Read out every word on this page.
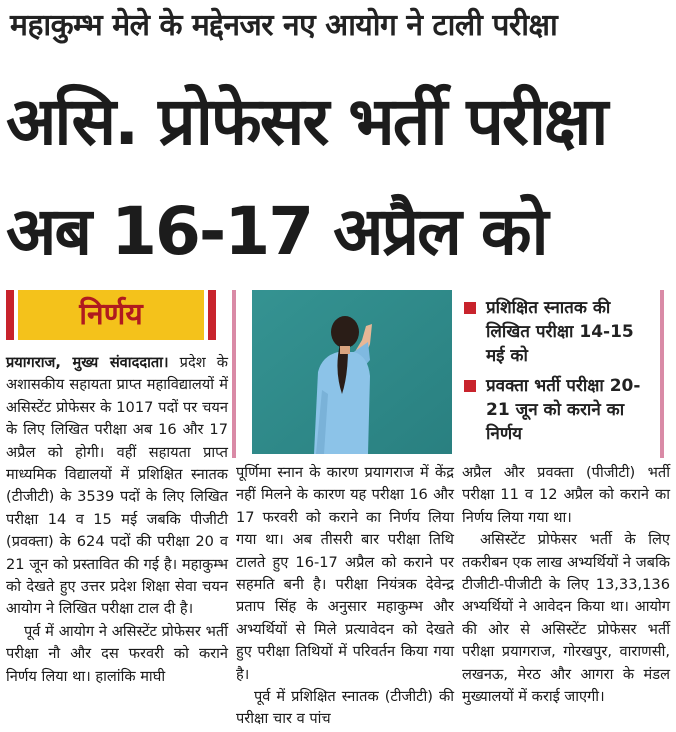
महाकुम्भ मेले के मद्देनजर नए आयोग ने टाली परीक्षा
असि. प्रोफेसर भर्ती परीक्षा
अब 16-17 अप्रैल को
निर्णय	प्रशिक्षित स्नातक की लिखित परीक्षा 14-15 मई को
प्रवक्ता भर्ती परीक्षा 20-21 जून को कराने का निर्णय

प्रयागराज, मुख्य संवाददाता। प्रदेश के अशासकीय सहायता प्राप्त महाविद्यालयों में असिस्टेंट प्रोफेसर के 1017 पदों पर चयन के लिए लिखित परीक्षा अब 16 और 17 अप्रैल को होगी। वहीं सहायता प्राप्त माध्यमिक विद्यालयों में प्रशिक्षित स्नातक (टीजीटी) के 3539 पदों के लिए लिखित परीक्षा 14 व 15 मई जबकि पीजीटी (प्रवक्ता) के 624 पदों की परीक्षा 20 व 21 जून को प्रस्तावित की गई है। महाकुम्भ को देखते हुए उत्तर प्रदेश शिक्षा सेवा चयन आयोग ने लिखित परीक्षा टाल दी है।

पूर्व में आयोग ने असिस्टेंट प्रोफेसर भर्ती परीक्षा नौ और दस फरवरी को कराने निर्णय लिया था। हालांकि माघी

पूर्णिमा स्नान के कारण प्रयागराज में केंद्र नहीं मिलने के कारण यह परीक्षा 16 और 17 फरवरी को कराने का निर्णय लिया गया था। अब तीसरी बार परीक्षा तिथि टालते हुए 16-17 अप्रैल को कराने पर सहमति बनी है। परीक्षा नियंत्रक देवेन्द्र प्रताप सिंह के अनुसार महाकुम्भ और अभ्यर्थियों से मिले प्रत्यावेदन को देखते हुए परीक्षा तिथियों में परिवर्तन किया गया है।

पूर्व में प्रशिक्षित स्नातक (टीजीटी) की परीक्षा चार व पांच

अप्रैल और प्रवक्ता (पीजीटी) भर्ती परीक्षा 11 व 12 अप्रैल को कराने का निर्णय लिया गया था।

असिस्टेंट प्रोफेसर भर्ती के लिए तकरीबन एक लाख अभ्यर्थियों ने जबकि टीजीटी-पीजीटी के लिए 13,33,136 अभ्यर्थियों ने आवेदन किया था। आयोग की ओर से असिस्टेंट प्रोफेसर भर्ती परीक्षा प्रयागराज, गोरखपुर, वाराणसी, लखनऊ, मेरठ और आगरा के मंडल मुख्यालयों में कराई जाएगी।
